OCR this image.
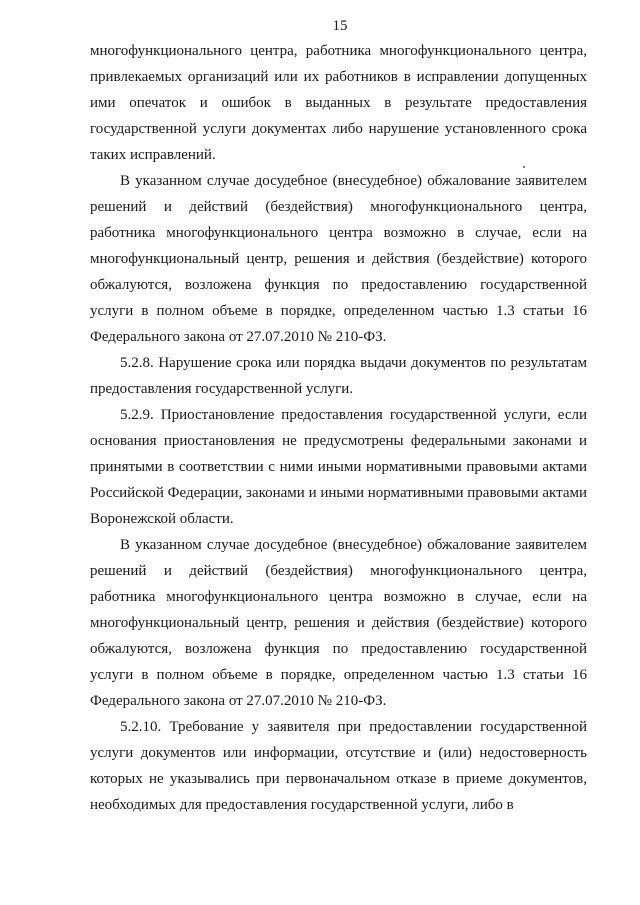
15

многофункционального центра, работника многофункционального центра, привлекаемых организаций или их работников в исправлении допущенных ими опечаток и ошибок в выданных в результате предоставления государственной услуги документах либо нарушение установленного срока таких исправлений.

В указанном случае досудебное (внесудебное) обжалование заявителем решений и действий (бездействия) многофункционального центра, работника многофункционального центра возможно в случае, если на многофункциональный центр, решения и действия (бездействие) которого обжалуются, возложена функция по предоставлению государственной услуги в полном объеме в порядке, определенном частью 1.3 статьи 16 Федерального закона от 27.07.2010 № 210-ФЗ.

5.2.8. Нарушение срока или порядка выдачи документов по результатам предоставления государственной услуги.

5.2.9. Приостановление предоставления государственной услуги, если основания приостановления не предусмотрены федеральными законами и принятыми в соответствии с ними иными нормативными правовыми актами Российской Федерации, законами и иными нормативными правовыми актами Воронежской области.

В указанном случае досудебное (внесудебное) обжалование заявителем решений и действий (бездействия) многофункционального центра, работника многофункционального центра возможно в случае, если на многофункциональный центр, решения и действия (бездействие) которого обжалуются, возложена функция по предоставлению государственной услуги в полном объеме в порядке, определенном частью 1.3 статьи 16 Федерального закона от 27.07.2010 № 210-ФЗ.

5.2.10. Требование у заявителя при предоставлении государственной услуги документов или информации, отсутствие и (или) недостоверность которых не указывались при первоначальном отказе в приеме документов, необходимых для предоставления государственной услуги, либо в
